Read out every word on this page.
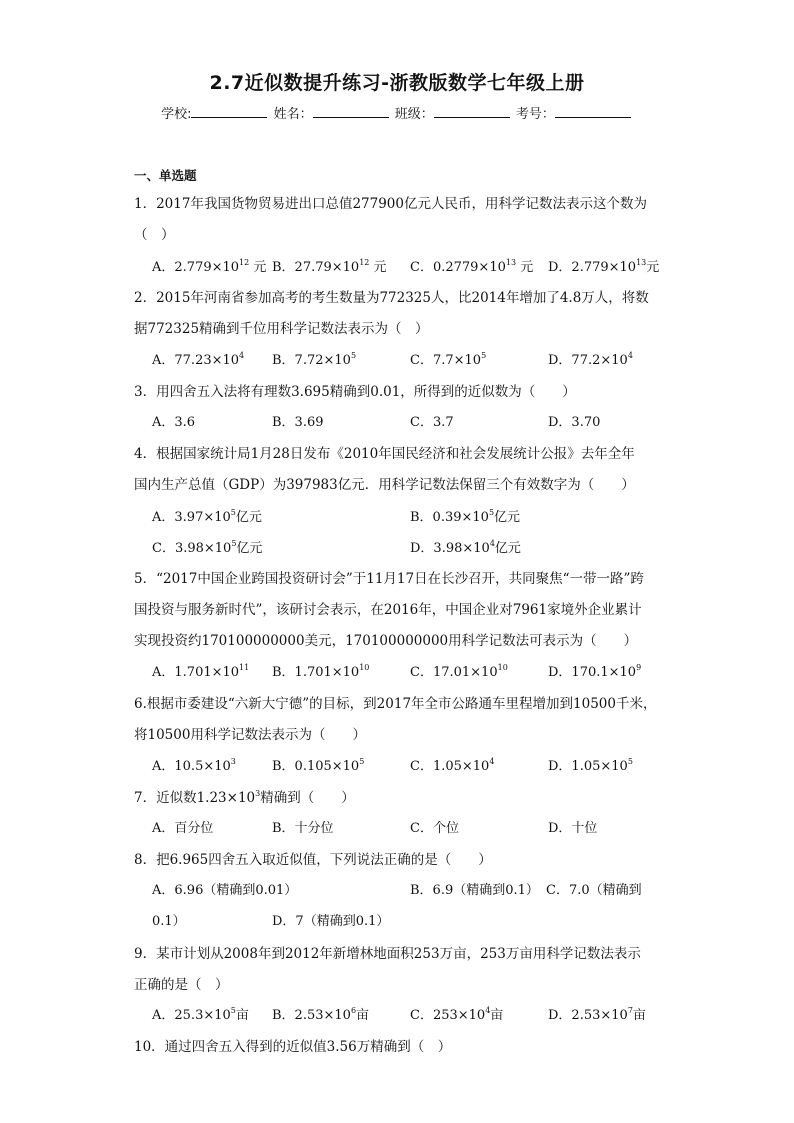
2.7近似数提升练习-浙教版数学七年级上册
学校:	姓名：	班级：	考号：
一、单选题
1．2017年我国货物贸易进出口总值277900亿元人民币，用科学记数法表示这个数为
（　）
A．$2.779\times 10^{12}$ 元 B．$27.79\times 10^{12}$ 元 C．$0.2779\times 10^{13}$ 元 D．$2.779\times 10^{13}$元
2．2015年河南省参加高考的考生数量为772325人，比2014年增加了4.8万人，将数
据772325精确到千位用科学记数法表示为（　）
A．$77.23\times 10^4$ B．$7.72\times 10^5$	C．$7.7\times 10^5$	D．$77.2\times 10^4$
3．用四舍五入法将有理数3.695精确到0.01，所得到的近似数为（　　）
A．3.6	B．3.69	C．3.7	D．3.70
4．根据国家统计局1月28日发布《2010年国民经济和社会发展统计公报》去年全年
国内生产总值（GDP）为397983亿元．用科学记数法保留三个有效数字为（　　）
A．$3.97\times 10^5$亿元	B．$0.39\times 10^5$亿元
C．$3.98\times 10^5$亿元	D．$3.98\times 10^4$亿元
5．“2017中国企业跨国投资研讨会”于11月17日在长沙召开，共同聚焦“一带一路”跨
国投资与服务新时代”，该研讨会表示，在2016年，中国企业对7961家境外企业累计
实现投资约170100000000美元，170100000000用科学记数法可表示为（　　）
A．$1.701\times 10^{11}$ B．$1.701\times 10^{10}$	C．$17.01\times 10^{10}$	D．$170.1\times 10^9$
6.根据市委建设“六新大宁德”的目标，到2017年全市公路通车里程增加到10500千米，
将10500用科学记数法表示为（　　）
A．$10.5\times 10^3$	B．$0.105\times 10^5$	C．$1.05\times 10^4$	D．$1.05\times 10^5$
7．近似数$1.23\times 10^3$精确到（　　）
A．百分位	B．十分位	C．个位	D．十位
8．把6.965四舍五入取近似值，下列说法正确的是（　　）
A．6.96（精确到0.01）	B．6.9（精确到0.1） C．7.0（精确到
0.1）	D．7（精确到0.1）
9．某市计划从2008年到2012年新增林地面积253万亩，253万亩用科学记数法表示
正确的是（　）
A．$25.3\times 10^5$亩 B．$2.53\times 10^6$亩	C．$253\times 10^4$亩	D．$2.53\times 10^7$亩
10．通过四舍五入得到的近似值3.56万精确到（　）
